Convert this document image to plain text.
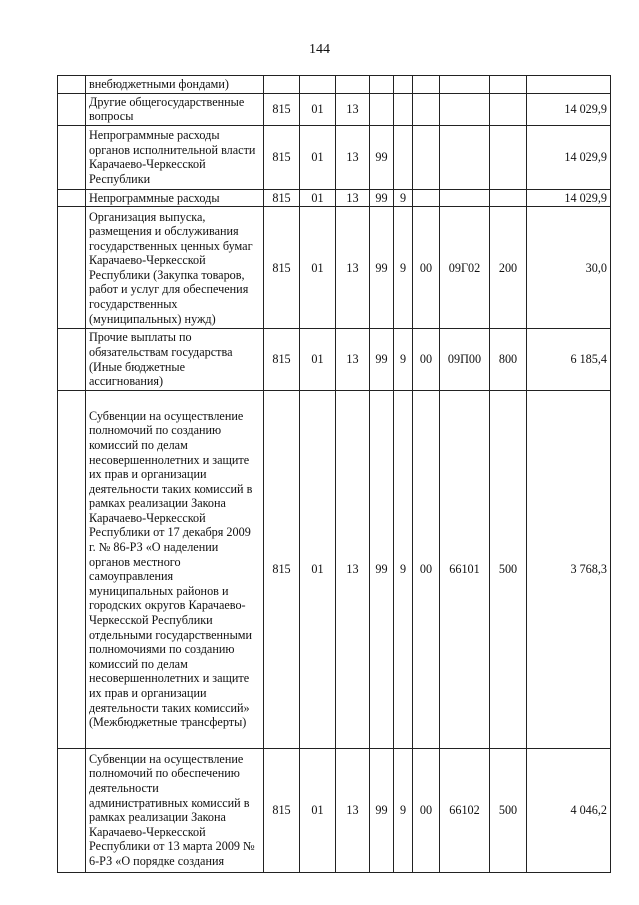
144
	внебюджетными фондами)									
	Другие общегосударственные вопросы	815	01	13						14 029,9
	Непрограммные расходы органов исполнительной власти Карачаево-Черкесской Республики	815	01	13	99					14 029,9
	Непрограммные расходы	815	01	13	99	9				14 029,9
	Организация выпуска, размещения и обслуживания государственных ценных бумаг Карачаево-Черкесской Республики (Закупка товаров, работ и услуг для обеспечения государственных (муниципальных) нужд)	815	01	13	99	9	00	09Г02	200	30,0
	Прочие выплаты по обязательствам государства (Иные бюджетные ассигнования)	815	01	13	99	9	00	09П00	800	6 185,4
	Субвенции на осуществление полномочий по созданию комиссий по делам несовершеннолетних и защите их прав и организации деятельности таких комиссий в рамках реализации Закона Карачаево-Черкесской Республики от 17 декабря 2009 г. № 86-РЗ «О наделении органов местного самоуправления муниципальных районов и городских округов Карачаево-Черкесской Республики отдельными государственными полномочиями по созданию комиссий по делам несовершеннолетних и защите их прав и организации деятельности таких комиссий» (Межбюджетные трансферты)	815	01	13	99	9	00	66101	500	3 768,3
	Субвенции на осуществление полномочий по обеспечению деятельности административных комиссий в рамках реализации Закона Карачаево-Черкесской Республики от 13 марта 2009 № 6-РЗ «О порядке создания	815	01	13	99	9	00	66102	500	4 046,2
